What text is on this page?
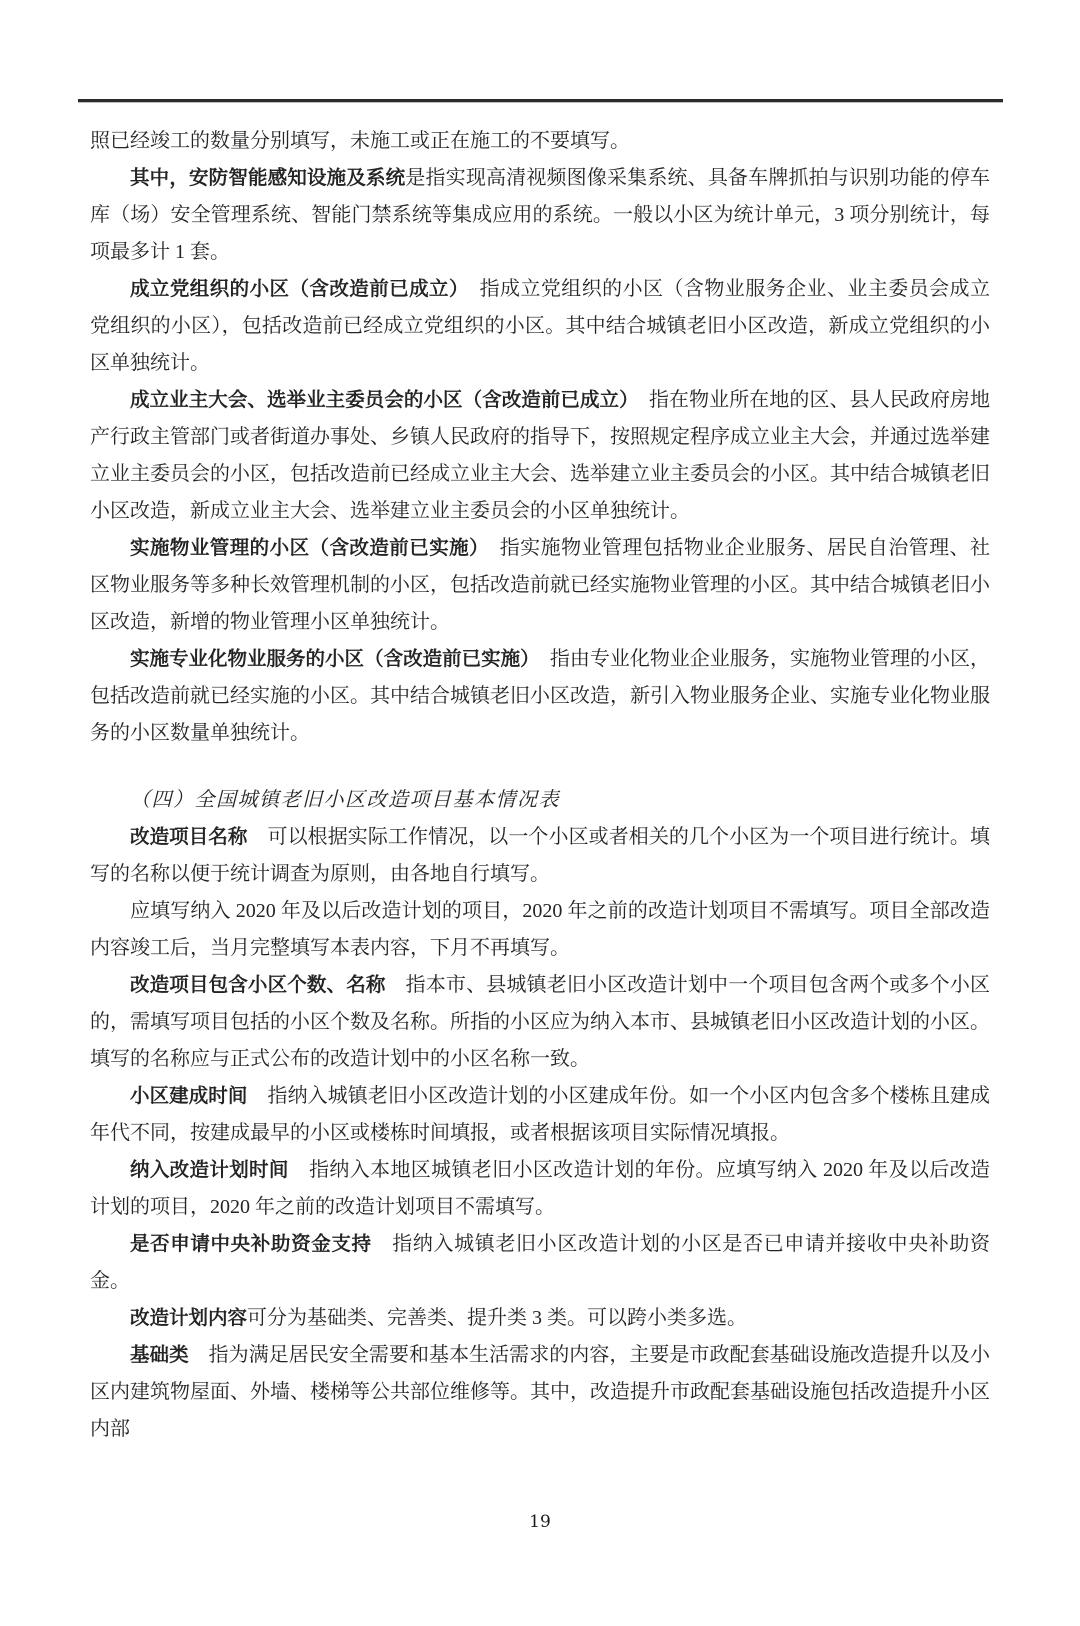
照已经竣工的数量分别填写，未施工或正在施工的不要填写。

其中，安防智能感知设施及系统是指实现高清视频图像采集系统、具备车牌抓拍与识别功能的停车库（场）安全管理系统、智能门禁系统等集成应用的系统。一般以小区为统计单元，3 项分别统计，每项最多计 1 套。

成立党组织的小区（含改造前已成立）　指成立党组织的小区（含物业服务企业、业主委员会成立党组织的小区），包括改造前已经成立党组织的小区。其中结合城镇老旧小区改造，新成立党组织的小区单独统计。

成立业主大会、选举业主委员会的小区（含改造前已成立）　指在物业所在地的区、县人民政府房地产行政主管部门或者街道办事处、乡镇人民政府的指导下，按照规定程序成立业主大会，并通过选举建立业主委员会的小区，包括改造前已经成立业主大会、选举建立业主委员会的小区。其中结合城镇老旧小区改造，新成立业主大会、选举建立业主委员会的小区单独统计。

实施物业管理的小区（含改造前已实施）　指实施物业管理包括物业企业服务、居民自治管理、社区物业服务等多种长效管理机制的小区，包括改造前就已经实施物业管理的小区。其中结合城镇老旧小区改造，新增的物业管理小区单独统计。

实施专业化物业服务的小区（含改造前已实施）　指由专业化物业企业服务，实施物业管理的小区，包括改造前就已经实施的小区。其中结合城镇老旧小区改造，新引入物业服务企业、实施专业化物业服务的小区数量单独统计。

（四）全国城镇老旧小区改造项目基本情况表

改造项目名称　可以根据实际工作情况，以一个小区或者相关的几个小区为一个项目进行统计。填写的名称以便于统计调查为原则，由各地自行填写。

应填写纳入 2020 年及以后改造计划的项目，2020 年之前的改造计划项目不需填写。项目全部改造内容竣工后，当月完整填写本表内容，下月不再填写。

改造项目包含小区个数、名称　指本市、县城镇老旧小区改造计划中一个项目包含两个或多个小区的，需填写项目包括的小区个数及名称。所指的小区应为纳入本市、县城镇老旧小区改造计划的小区。填写的名称应与正式公布的改造计划中的小区名称一致。

小区建成时间　指纳入城镇老旧小区改造计划的小区建成年份。如一个小区内包含多个楼栋且建成年代不同，按建成最早的小区或楼栋时间填报，或者根据该项目实际情况填报。

纳入改造计划时间　指纳入本地区城镇老旧小区改造计划的年份。应填写纳入 2020 年及以后改造计划的项目，2020 年之前的改造计划项目不需填写。

是否申请中央补助资金支持　指纳入城镇老旧小区改造计划的小区是否已申请并接收中央补助资金。

改造计划内容可分为基础类、完善类、提升类 3 类。可以跨小类多选。

基础类　指为满足居民安全需要和基本生活需求的内容，主要是市政配套基础设施改造提升以及小区内建筑物屋面、外墙、楼梯等公共部位维修等。其中，改造提升市政配套基础设施包括改造提升小区内部

19
